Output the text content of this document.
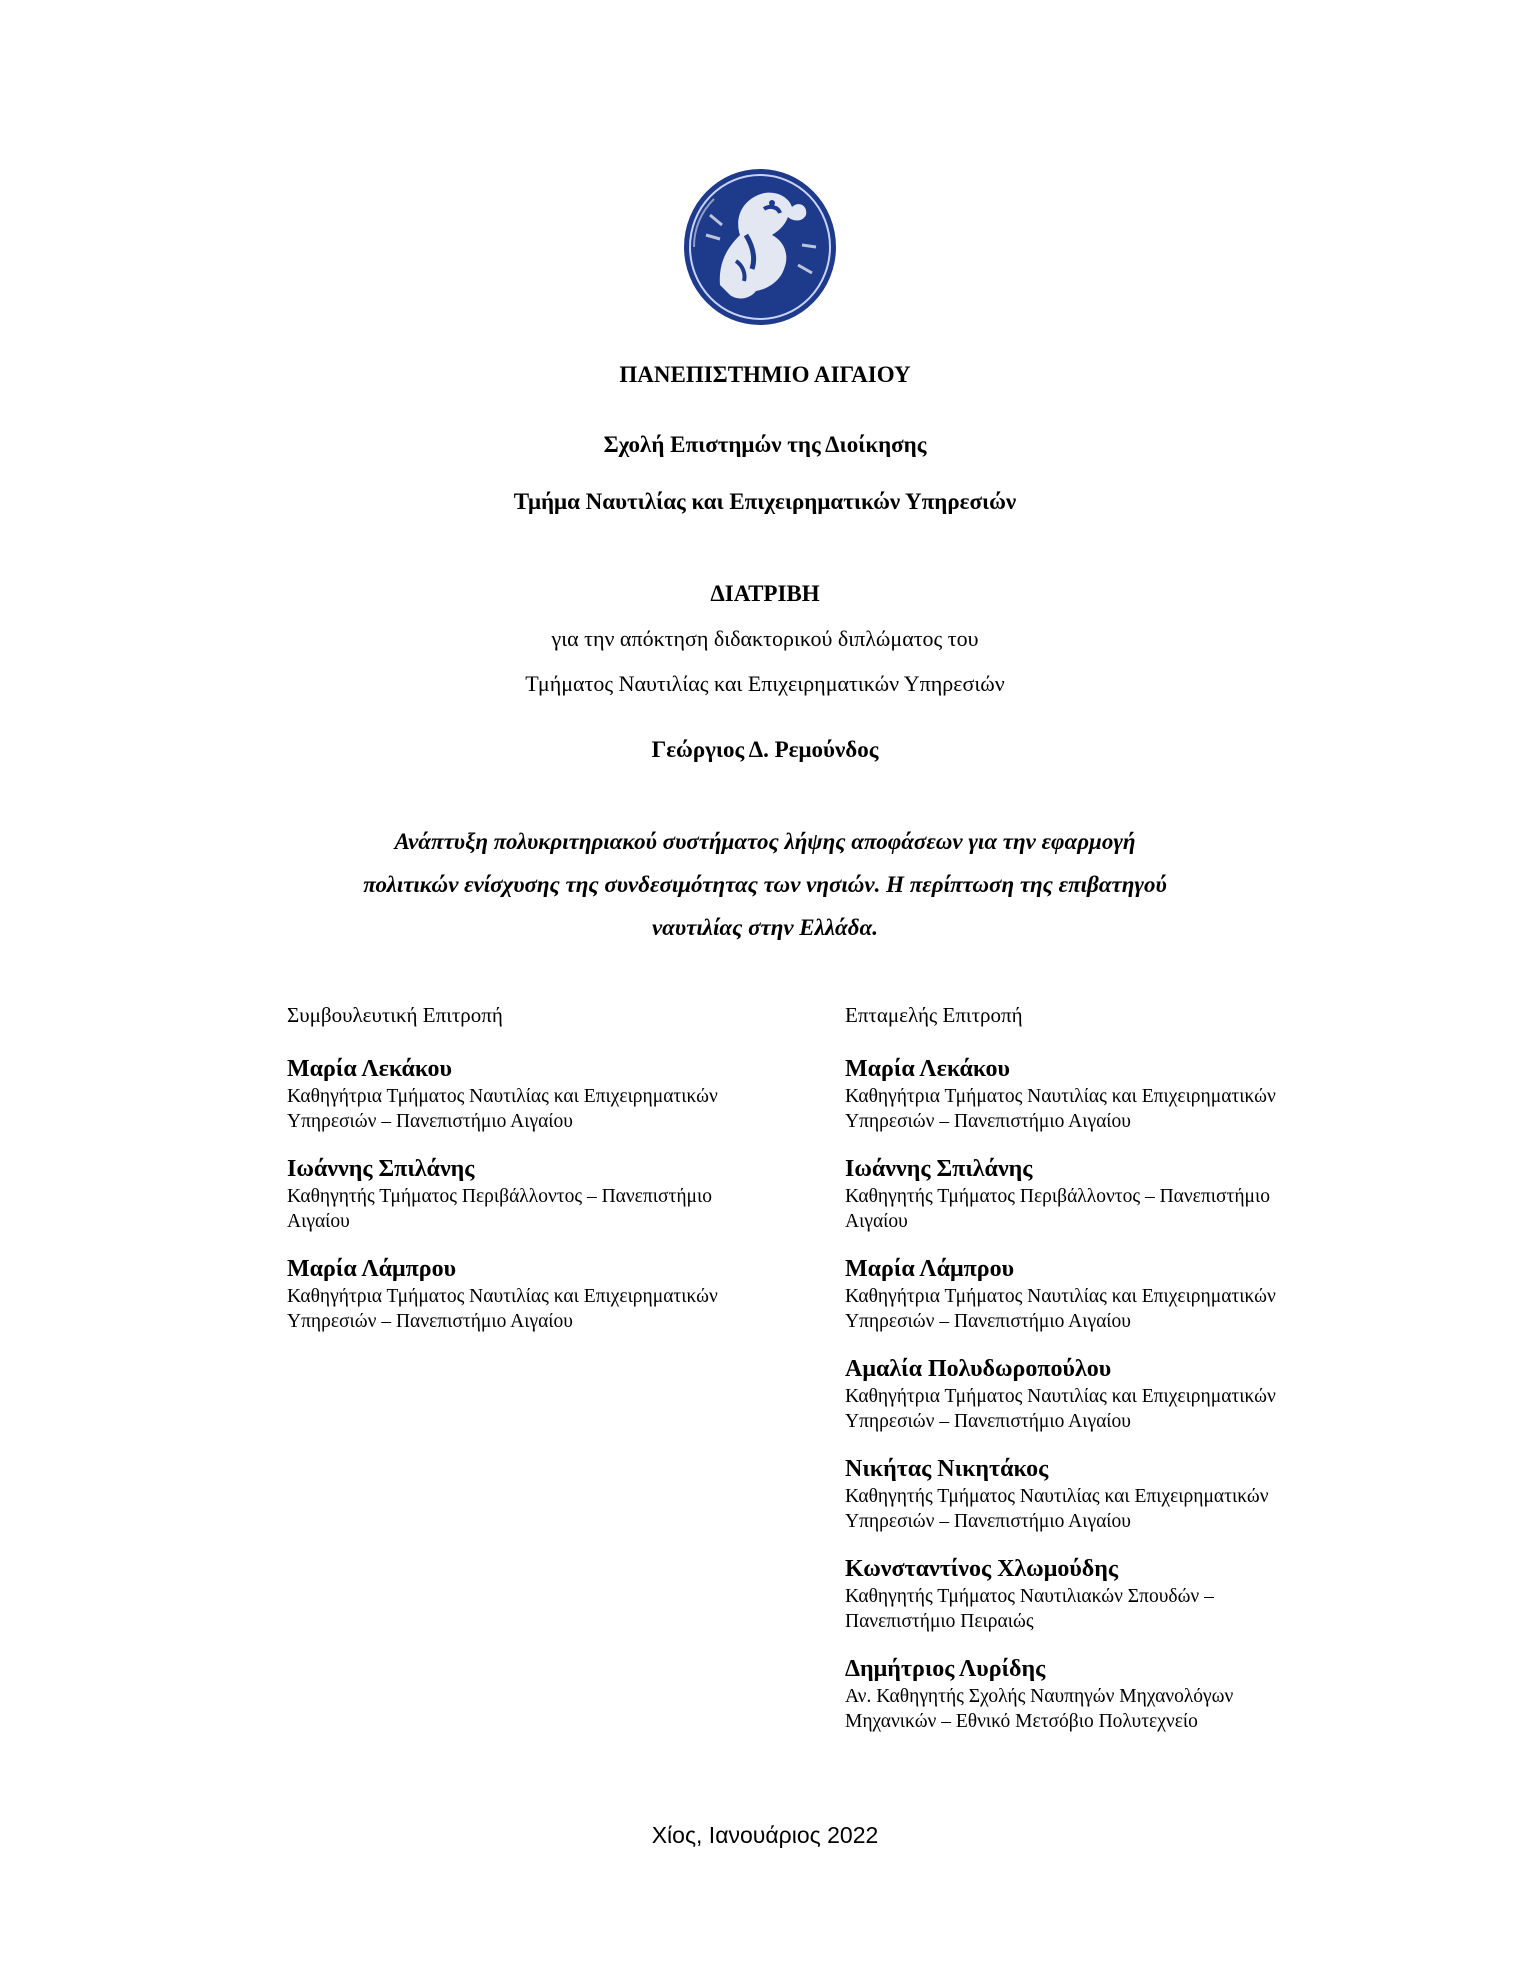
ΠΑΝΕΠΙΣΤΗΜΙΟ ΑΙΓΑΙΟΥ
Σχολή Επιστημών της Διοίκησης
Τμήμα Ναυτιλίας και Επιχειρηματικών Υπηρεσιών
ΔΙΑΤΡΙΒΗ
για την απόκτηση διδακτορικού διπλώματος του
Τμήματος Ναυτιλίας και Επιχειρηματικών Υπηρεσιών
Γεώργιος Δ. Ρεμούνδος
Ανάπτυξη πολυκριτηριακού συστήματος λήψης αποφάσεων για την εφαρμογή
πολιτικών ενίσχυσης της συνδεσιμότητας των νησιών. Η περίπτωση της επιβατηγού
ναυτιλίας στην Ελλάδα.
Συμβουλευτική Επιτροπή
Μαρία Λεκάκου
Καθηγήτρια Τμήματος Ναυτιλίας και Επιχειρηματικών
Υπηρεσιών – Πανεπιστήμιο Αιγαίου
Ιωάννης Σπιλάνης
Καθηγητής Τμήματος Περιβάλλοντος – Πανεπιστήμιο
Αιγαίου
Μαρία Λάμπρου
Καθηγήτρια Τμήματος Ναυτιλίας και Επιχειρηματικών
Υπηρεσιών – Πανεπιστήμιο Αιγαίου
Επταμελής Επιτροπή
Μαρία Λεκάκου
Καθηγήτρια Τμήματος Ναυτιλίας και Επιχειρηματικών
Υπηρεσιών – Πανεπιστήμιο Αιγαίου
Ιωάννης Σπιλάνης
Καθηγητής Τμήματος Περιβάλλοντος – Πανεπιστήμιο
Αιγαίου
Μαρία Λάμπρου
Καθηγήτρια Τμήματος Ναυτιλίας και Επιχειρηματικών
Υπηρεσιών – Πανεπιστήμιο Αιγαίου
Αμαλία Πολυδωροπούλου
Καθηγήτρια Τμήματος Ναυτιλίας και Επιχειρηματικών
Υπηρεσιών – Πανεπιστήμιο Αιγαίου
Νικήτας Νικητάκος
Καθηγητής Τμήματος Ναυτιλίας και Επιχειρηματικών
Υπηρεσιών – Πανεπιστήμιο Αιγαίου
Κωνσταντίνος Χλωμούδης
Καθηγητής Τμήματος Ναυτιλιακών Σπουδών –
Πανεπιστήμιο Πειραιώς
Δημήτριος Λυρίδης
Αν. Καθηγητής Σχολής Ναυπηγών Μηχανολόγων
Μηχανικών – Εθνικό Μετσόβιο Πολυτεχνείο
Χίος, Ιανουάριος 2022
